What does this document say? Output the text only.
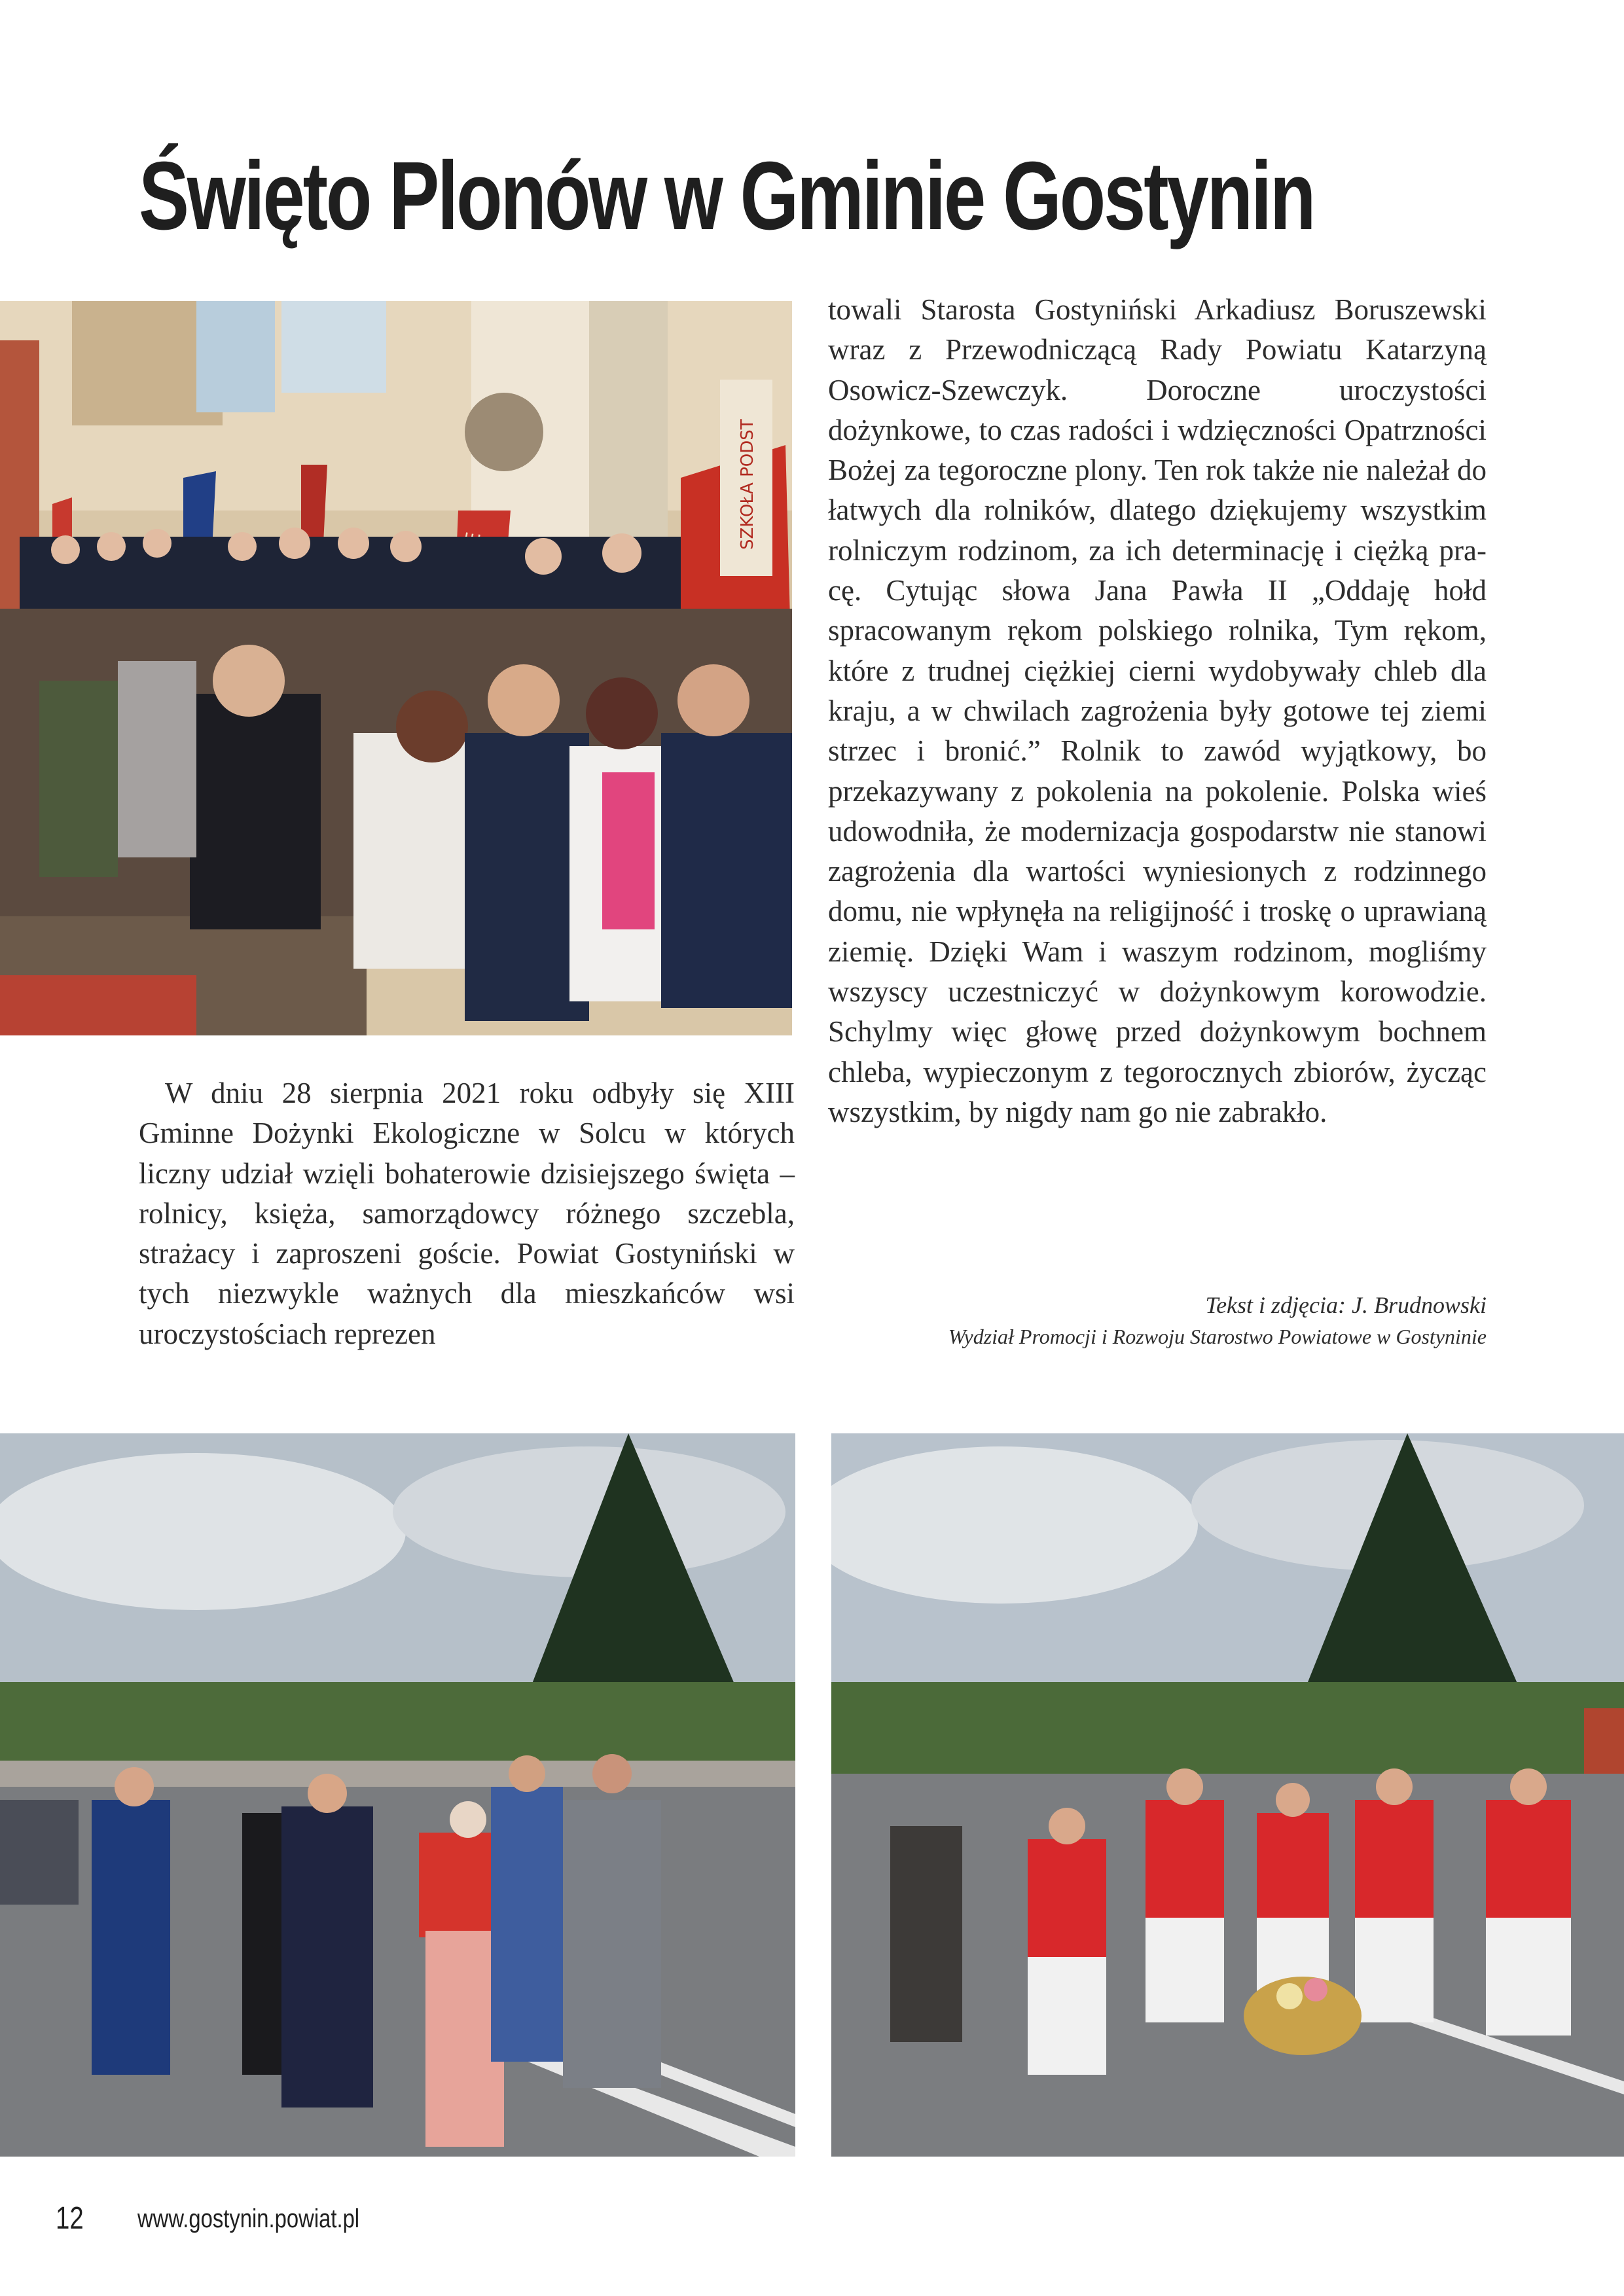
Święto Plonów w Gminie Gostynin
SZKOŁA PODST

W dniu 28 sierpnia 2021 roku odbyły się XIII Gminne Dożynki Ekologiczne w Solcu w których liczny udział wzięli bohaterowie dzisiejszego święta – rolnicy, księża, samorządowcy różnego szczebla, strażacy i zaproszeni goście. Powiat Gostyniński w tych niezwykle ważnych dla mieszkańców wsi uroczystościach reprezen

towali Starosta Gostyniński Arkadiusz Boruszewski wraz z Przewodniczącą Rady Powiatu Katarzyną Osowicz-Szewczyk. Doroczne uroczystości dożynkowe, to czas radości i wdzięczności Opatrzności Bożej za tegoroczne plony. Ten rok także nie należał do łatwych dla rolników, dlatego dziękujemy wszystkim rolniczym rodzinom, za ich determinację i ciężką pracę. Cytując słowa Jana Pawła II „Oddaję hołd spracowanym rękom polskiego rolnika, Tym rękom, które z trudnej ciężkiej cierni wydobywały chleb dla kraju, a w chwilach zagrożenia były gotowe tej ziemi strzec i bronić.” Rolnik to zawód wyjątkowy, bo przekazywany z pokolenia na pokolenie. Polska wieś udowodniła, że modernizacja gospodarstw nie stanowi zagrożenia dla wartości wyniesionych z rodzinnego domu, nie wpłynęła na religijność i troskę o uprawianą ziemię. Dzięki Wam i waszym rodzinom, mogliśmy wszyscy uczestniczyć w dożynkowym korowodzie. Schylmy więc głowę przed dożynkowym bochnem chleba, wypieczonym z tegorocznych zbiorów, życząc wszystkim, by nigdy nam go nie zabrakło.

Tekst i zdjęcia: J. Brudnowski
Wydział Promocji i Rozwoju Starostwo Powiatowe w Gostyninie
12 www.gostynin.powiat.pl
